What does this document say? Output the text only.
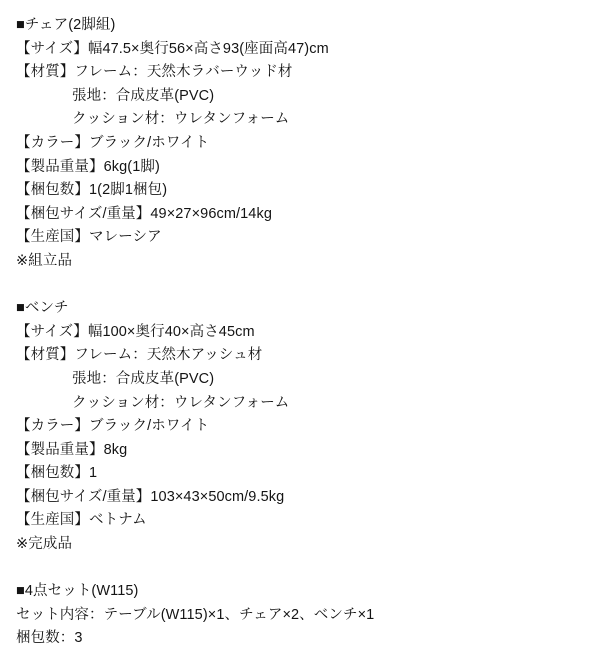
■チェア(2脚組)
【サイズ】幅47.5×奥行56×高さ93(座面高47)cm
【材質】フレーム：天然木ラバーウッド材
張地：合成皮革(PVC)
クッション材：ウレタンフォーム
【カラー】ブラック/ホワイト
【製品重量】6kg(1脚)
【梱包数】1(2脚1梱包)
【梱包サイズ/重量】49×27×96cm/14kg
【生産国】マレーシア
※組立品
■ベンチ
【サイズ】幅100×奥行40×高さ45cm
【材質】フレーム：天然木アッシュ材
張地：合成皮革(PVC)
クッション材：ウレタンフォーム
【カラー】ブラック/ホワイト
【製品重量】8kg
【梱包数】1
【梱包サイズ/重量】103×43×50cm/9.5kg
【生産国】ベトナム
※完成品
■4点セット(W115)
セット内容：テーブル(W115)×1、チェア×2、ベンチ×1
梱包数：3
